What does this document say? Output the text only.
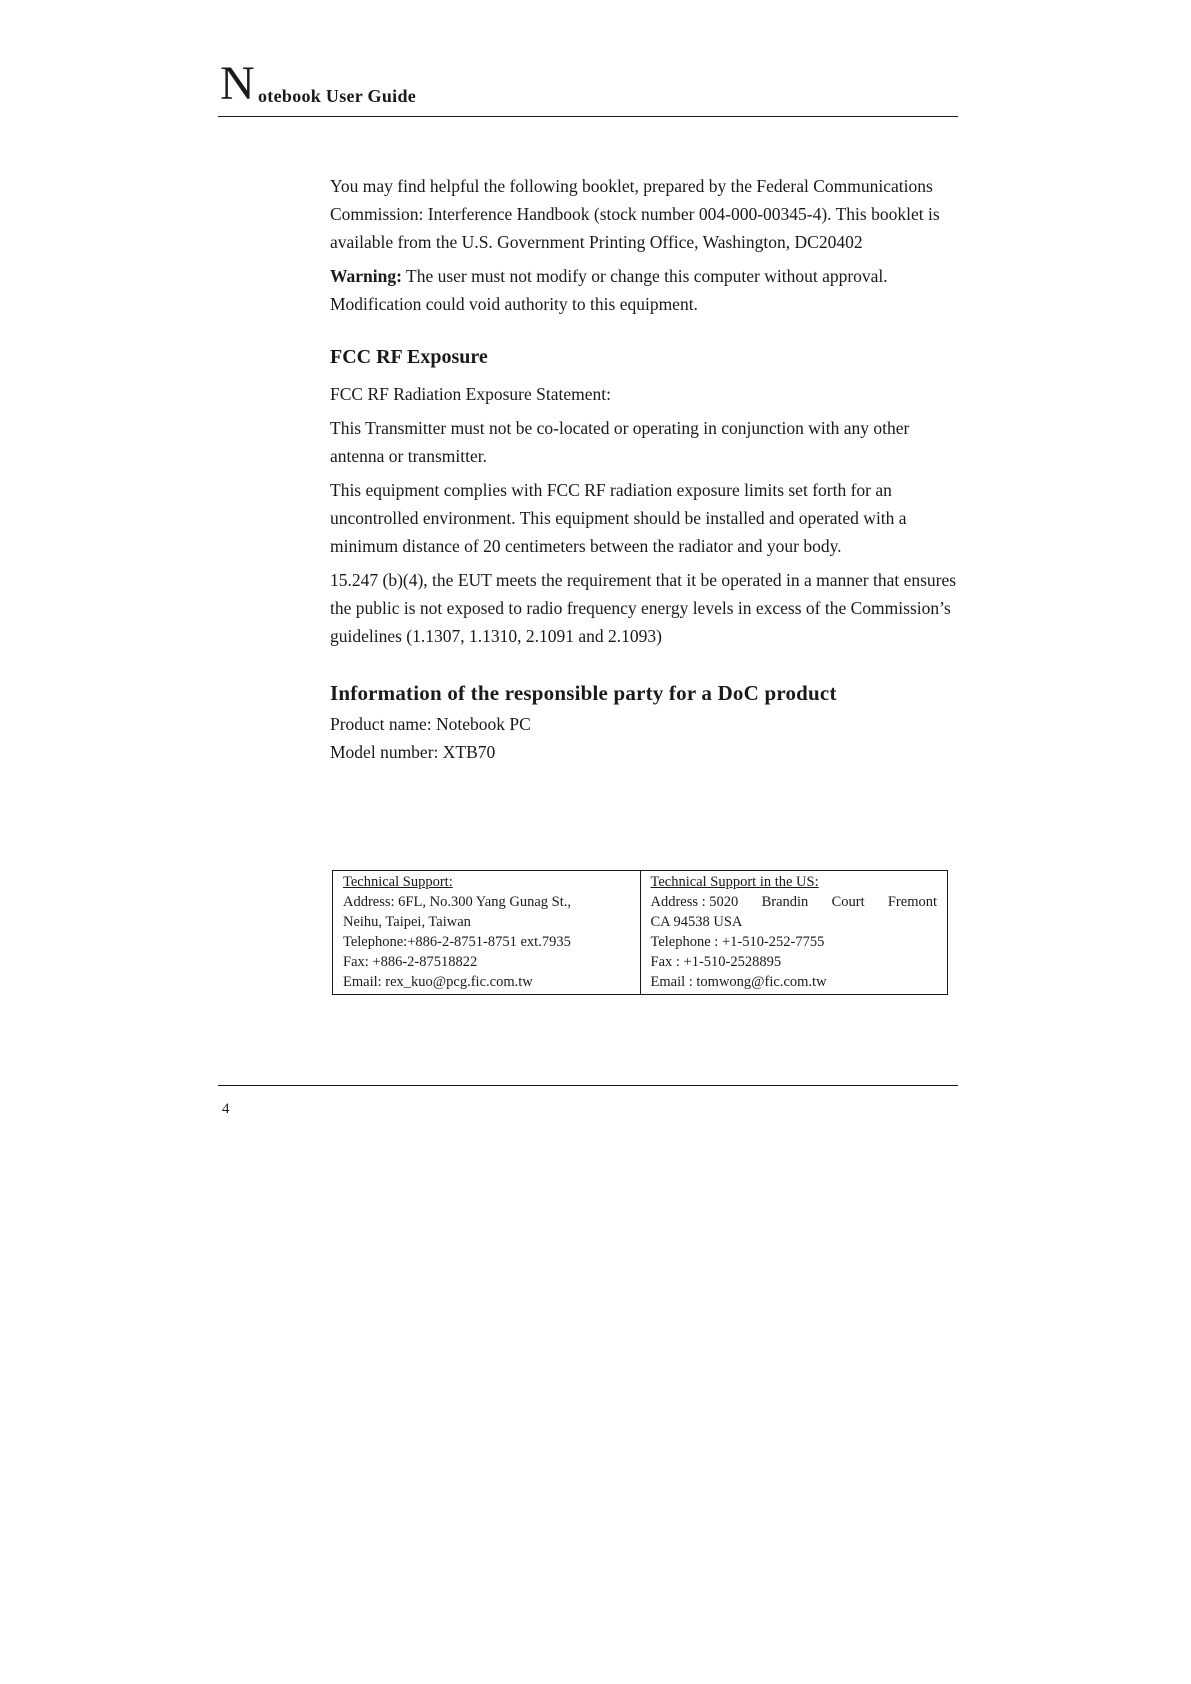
N otebook User Guide

You may find helpful the following booklet, prepared by the Federal Communications Commission: Interference Handbook (stock number 004-000-00345-4). This booklet is available from the U.S. Government Printing Office, Washington, DC20402

Warning: The user must not modify or change this computer without approval. Modification could void authority to this equipment.

FCC RF Exposure

FCC RF Radiation Exposure Statement:

This Transmitter must not be co-located or operating in conjunction with any other antenna or transmitter.

This equipment complies with FCC RF radiation exposure limits set forth for an uncontrolled environment. This equipment should be installed and operated with a minimum distance of 20 centimeters between the radiator and your body.

15.247 (b)(4), the EUT meets the requirement that it be operated in a manner that ensures the public is not exposed to radio frequency energy levels in excess of the Commission’s guidelines (1.1307, 1.1310, 2.1091 and 2.1093)

Information of the responsible party for a DoC product

Product name: Notebook PC

Model number: XTB70

Technical Support:
Address: 6FL, No.300 Yang Gunag St.,
Neihu, Taipei, Taiwan
Telephone:+886-2-8751-8751 ext.7935
Fax: +886-2-87518822
Email: rex_kuo@pcg.fic.com.tw

Technical Support in the US:
Address : 5020 Brandin Court Fremont
CA 94538 USA
Telephone : +1-510-252-7755
Fax : +1-510-2528895
Email : tomwong@fic.com.tw
4
